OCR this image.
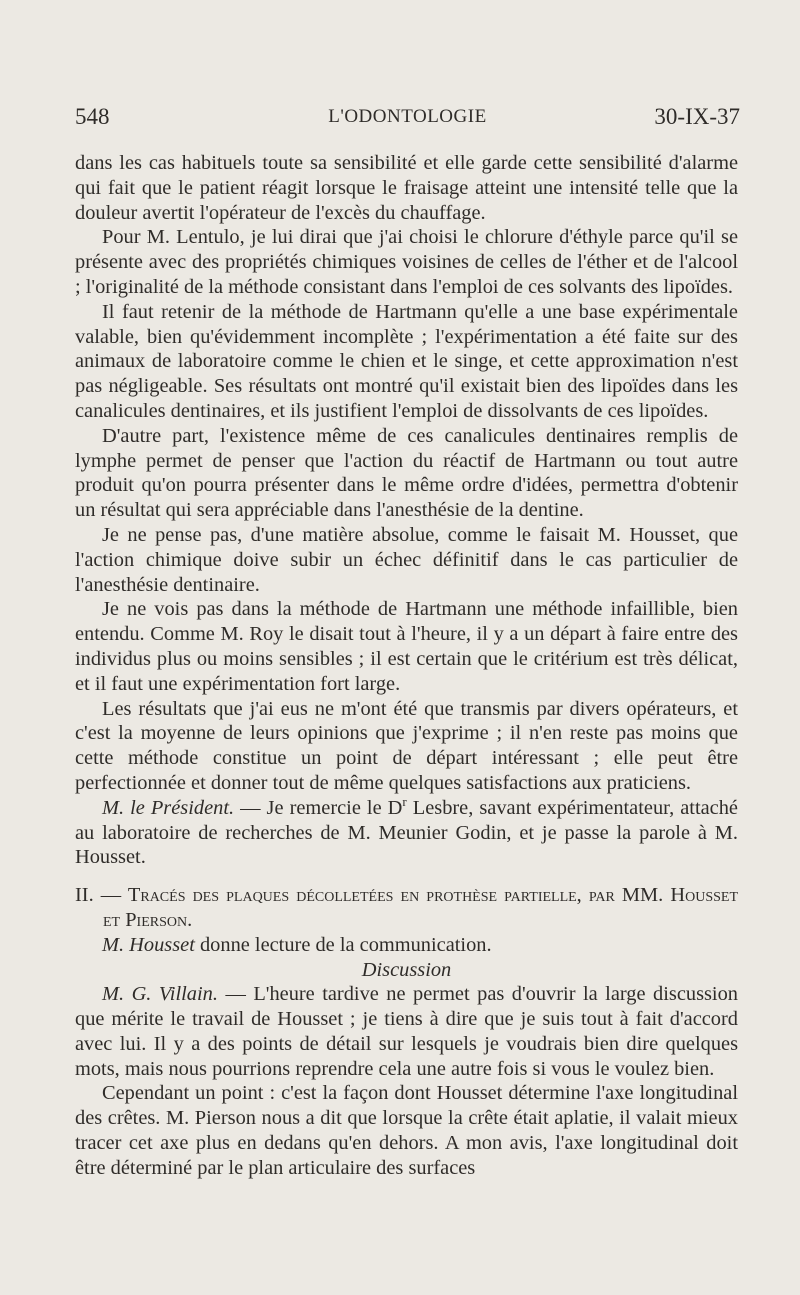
548	L'ODONTOLOGIE	30-IX-37

dans les cas habituels toute sa sensibilité et elle garde cette sensibilité d'alarme qui fait que le patient réagit lorsque le fraisage atteint une intensité telle que la douleur avertit l'opérateur de l'excès du chauffage.

Pour M. Lentulo, je lui dirai que j'ai choisi le chlorure d'éthyle parce qu'il se présente avec des propriétés chimiques voisines de celles de l'éther et de l'alcool ; l'originalité de la méthode consistant dans l'emploi de ces solvants des lipoïdes.

Il faut retenir de la méthode de Hartmann qu'elle a une base expérimentale valable, bien qu'évidemment incomplète ; l'expérimentation a été faite sur des animaux de laboratoire comme le chien et le singe, et cette approximation n'est pas négligeable. Ses résultats ont montré qu'il existait bien des lipoïdes dans les canalicules dentinaires, et ils justifient l'emploi de dissolvants de ces lipoïdes.

D'autre part, l'existence même de ces canalicules dentinaires remplis de lymphe permet de penser que l'action du réactif de Hartmann ou tout autre produit qu'on pourra présenter dans le même ordre d'idées, permettra d'obtenir un résultat qui sera appréciable dans l'anesthésie de la dentine.

Je ne pense pas, d'une matière absolue, comme le faisait M. Housset, que l'action chimique doive subir un échec définitif dans le cas particulier de l'anesthésie dentinaire.

Je ne vois pas dans la méthode de Hartmann une méthode infaillible, bien entendu. Comme M. Roy le disait tout à l'heure, il y a un départ à faire entre des individus plus ou moins sensibles ; il est certain que le critérium est très délicat, et il faut une expérimentation fort large.

Les résultats que j'ai eus ne m'ont été que transmis par divers opérateurs, et c'est la moyenne de leurs opinions que j'exprime ; il n'en reste pas moins que cette méthode constitue un point de départ intéressant ; elle peut être perfectionnée et donner tout de même quelques satisfactions aux praticiens.

M. le Président. — Je remercie le $D^r$ Lesbre, savant expérimentateur, attaché au laboratoire de recherches de M. Meunier Godin, et je passe la parole à M. Housset.

II. — Tracés des plaques décolletées en prothèse partielle, par MM. Housset et Pierson.

M. Housset donne lecture de la communication.

Discussion

M. G. Villain. — L'heure tardive ne permet pas d'ouvrir la large discussion que mérite le travail de Housset ; je tiens à dire que je suis tout à fait d'accord avec lui. Il y a des points de détail sur lesquels je voudrais bien dire quelques mots, mais nous pourrions reprendre cela une autre fois si vous le voulez bien.

Cependant un point : c'est la façon dont Housset détermine l'axe longitudinal des crêtes. M. Pierson nous a dit que lorsque la crête était aplatie, il valait mieux tracer cet axe plus en dedans qu'en dehors. A mon avis, l'axe longitudinal doit être déterminé par le plan articulaire des surfaces
